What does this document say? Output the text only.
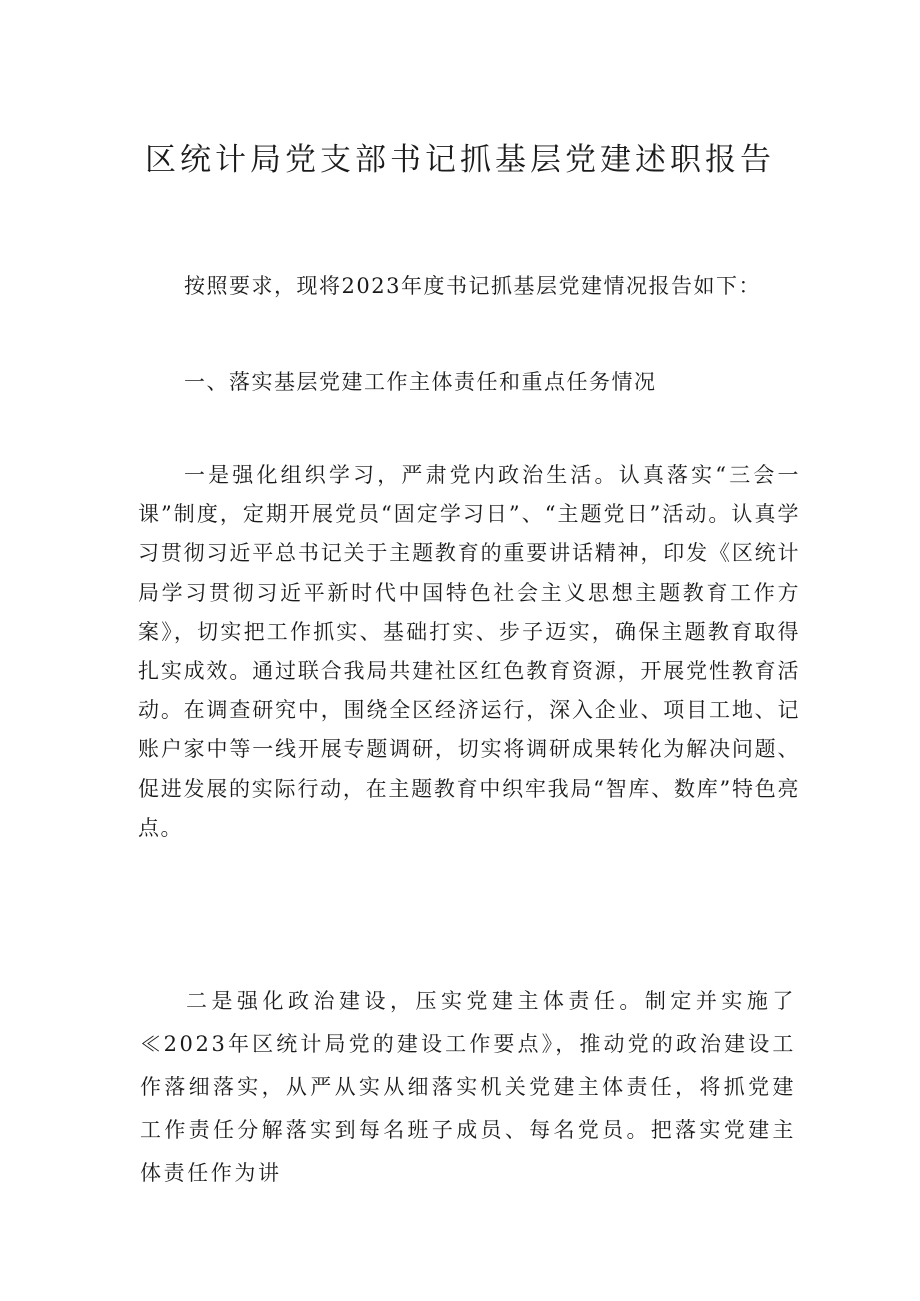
区统计局党支部书记抓基层党建述职报告

按照要求，现将2023年度书记抓基层党建情况报告如下：

一、落实基层党建工作主体责任和重点任务情况

一是强化组织学习，严肃党内政治生活。认真落实“三会一课”制度，定期开展党员“固定学习日”、“主题党日”活动。认真学习贯彻习近平总书记关于主题教育的重要讲话精神，印发《区统计局学习贯彻习近平新时代中国特色社会主义思想主题教育工作方案》，切实把工作抓实、基础打实、步子迈实，确保主题教育取得扎实成效。通过联合我局共建社区红色教育资源，开展党性教育活动。在调查研究中，围绕全区经济运行，深入企业、项目工地、记账户家中等一线开展专题调研，切实将调研成果转化为解决问题、促进发展的实际行动，在主题教育中织牢我局“智库、数库”特色亮点。

二是强化政治建设，压实党建主体责任。制定并实施了≪2023年区统计局党的建设工作要点》，推动党的政治建设工作落细落实，从严从实从细落实机关党建主体责任，将抓党建工作责任分解落实到每名班子成员、每名党员。把落实党建主体责任作为讲
